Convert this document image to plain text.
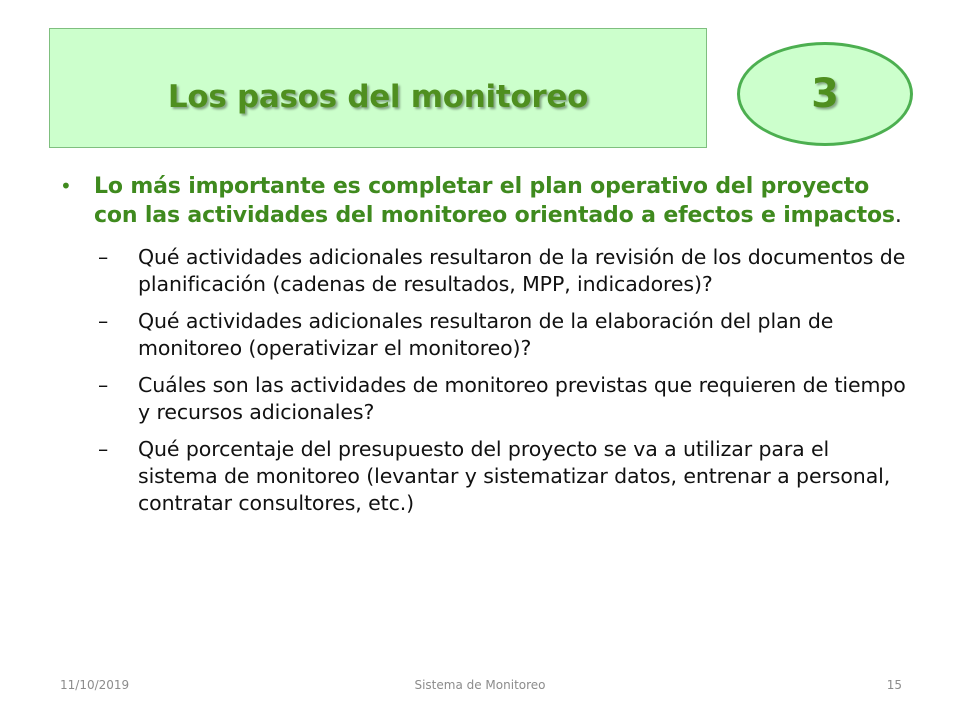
Los pasos del monitoreo	3
• Lo más importante es completar el plan operativo del proyecto con las actividades del monitoreo orientado a efectos e impactos.
– Qué actividades adicionales resultaron de la revisión de los documentos de planificación (cadenas de resultados, MPP, indicadores)?
– Qué actividades adicionales resultaron de la elaboración del plan de monitoreo (operativizar el monitoreo)?
– Cuáles son las actividades de monitoreo previstas que requieren de tiempo y recursos adicionales?
– Qué porcentaje del presupuesto del proyecto se va a utilizar para el sistema de monitoreo (levantar y sistematizar datos, entrenar a personal, contratar consultores, etc.)
11/10/2019	Sistema de Monitoreo	15
